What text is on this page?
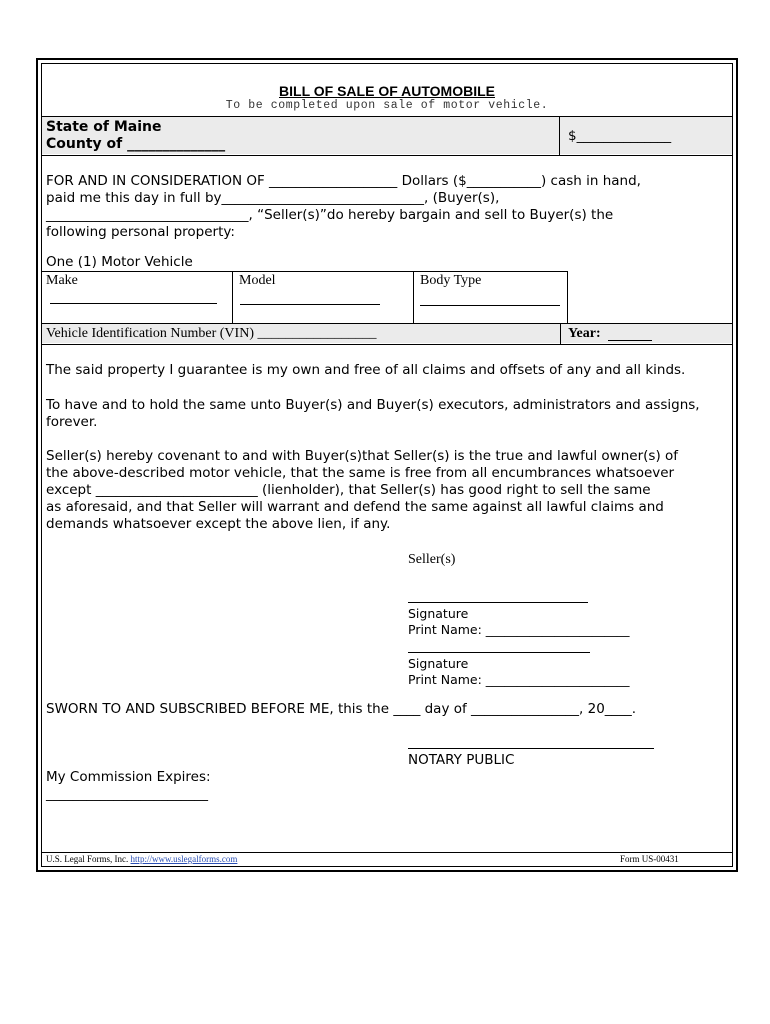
BILL OF SALE OF AUTOMOBILE
To be completed upon sale of motor vehicle.
State of Maine
County of ______________	$______________
FOR AND IN CONSIDERATION OF ___________________ Dollars ($___________) cash in hand,
paid me this day in full by______________________________, (Buyer(s),
______________________________, “Seller(s)”do hereby bargain and sell to Buyer(s) the
following personal property:
One (1) Motor Vehicle
Make	Model	Body Type
Vehicle Identification Number (VIN) _________________	Year:
The said property I guarantee is my own and free of all claims and offsets of any and all kinds.
To have and to hold the same unto Buyer(s) and Buyer(s) executors, administrators and assigns,
forever.
Seller(s) hereby covenant to and with Buyer(s)that Seller(s) is the true and lawful owner(s) of
the above-described motor vehicle, that the same is free from all encumbrances whatsoever
except ________________________ (lienholder), that Seller(s) has good right to sell the same
as aforesaid, and that Seller will warrant and defend the same against all lawful claims and
demands whatsoever except the above lien, if any.
Seller(s)
Signature
Print Name: _______________________
Signature
Print Name: _______________________
SWORN TO AND SUBSCRIBED BEFORE ME, this the ____ day of ________________, 20____.
NOTARY PUBLIC
My Commission Expires:
________________________
U.S. Legal Forms, Inc. http://www.uslegalforms.com	Form US-00431
